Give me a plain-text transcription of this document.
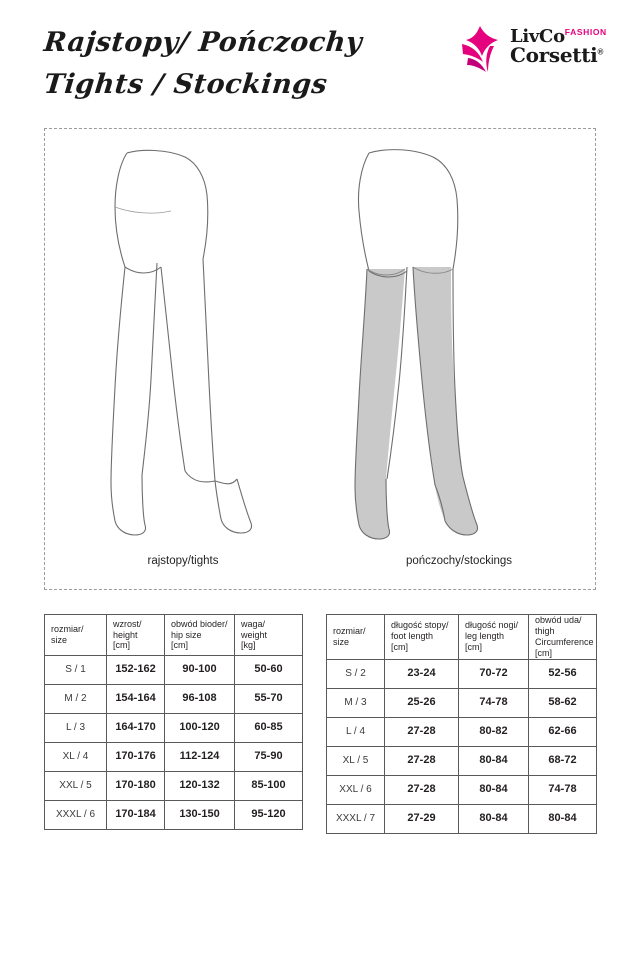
Rajstopy/ Pończochy
Tights / Stockings
LivCo$^{FASHION}$
Corsetti®
rajstopy/tights	pończochy/stockings
rozmiar/
size	wzrost/
height
[cm]	obwód bioder/
hip size
[cm]	waga/
weight
[kg]

S / 1	152-162	90-100	50-60
M / 2	154-164	96-108	55-70
L / 3	164-170	100-120	60-85
XL / 4	170-176	112-124	75-90
XXL / 5	170-180	120-132	85-100
XXXL / 6	170-184	130-150	95-120
rozmiar/
size	długość stopy/
foot length
[cm]	długość nogi/
leg length
[cm]	obwód uda/
thigh
Circumference [cm]

S / 2	23-24	70-72	52-56
M / 3	25-26	74-78	58-62
L / 4	27-28	80-82	62-66
XL / 5	27-28	80-84	68-72
XXL / 6	27-28	80-84	74-78
XXXL / 7	27-29	80-84	80-84
